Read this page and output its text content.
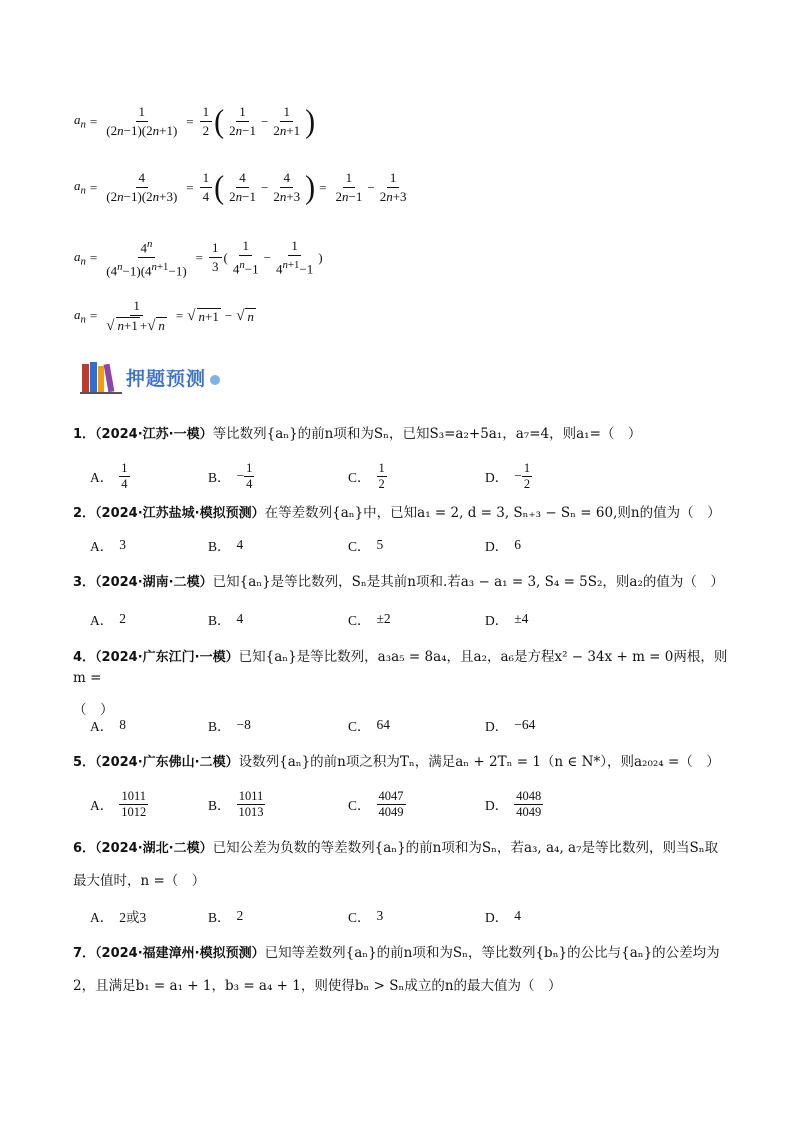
$a_n = \frac{1}{(2n-1)(2n+1)} = \frac{1}{2}$ ( $\frac{1}{2n-1} - \frac{1}{2n+1}$ )
$a_n = \frac{4}{(2n-1)(2n+3)} = \frac{1}{4}$ ( $\frac{4}{2n-1} - \frac{4}{2n+3}$ ) = $\frac{1}{2n-1} - \frac{1}{2n+3}$
$a_n = \frac{4^n}{(4^n-1)(4^{n+1}-1)} = \frac{1}{3}$ ( $\frac{1}{4^n-1} - \frac{1}{4^{n+1}-1}$ )
$a_n = \frac{1}{√ n+1 +√ n}$ = √ n+1 − √ n
押题预测
1．（2024·江苏·一模）等比数列{aₙ}的前n项和为Sₙ，已知S₃=a₂+5a₁，a₇=4，则a₁=（　）
A． $\frac{1}{4}$	B． − $\frac{1}{4}$	C． $\frac{1}{2}$	D． − $\frac{1}{2}$
2．（2024·江苏盐城·模拟预测）在等差数列{aₙ}中，已知a₁ = 2, d = 3, Sₙ₊₃ − Sₙ = 60,则n的值为（　）
A． 3	B． 4	C． 5	D． 6
3．（2024·湖南·二模）已知{aₙ}是等比数列，Sₙ是其前n项和.若a₃ − a₁ = 3, S₄ = 5S₂，则a₂的值为（　）
A． 2	B． 4	C． ±2	D． ±4
4．（2024·广东江门·一模）已知{aₙ}是等比数列，a₃a₅ = 8a₄，且a₂，a₆是方程x² − 34x + m = 0两根，则m =
（　）
A． 8	B． −8	C． 64	D． −64
5．（2024·广东佛山·二模）设数列{aₙ}的前n项之积为Tₙ，满足aₙ + 2Tₙ = 1（n ∈ N*），则a₂₀₂₄ =（　）
A． $\frac{1011}{1012}$	B． $\frac{1011}{1013}$	C． $\frac{4047}{4049}$	D． $\frac{4048}{4049}$
6．（2024·湖北·二模）已知公差为负数的等差数列{aₙ}的前n项和为Sₙ，若a₃, a₄, a₇是等比数列，则当Sₙ取
最大值时，n =（　）
A． 2或3	B． 2	C． 3	D． 4
7．（2024·福建漳州·模拟预测）已知等差数列{aₙ}的前n项和为Sₙ，等比数列{bₙ}的公比与{aₙ}的公差均为
2，且满足b₁ = a₁ + 1，b₃ = a₄ + 1，则使得bₙ > Sₙ成立的n的最大值为（　）
